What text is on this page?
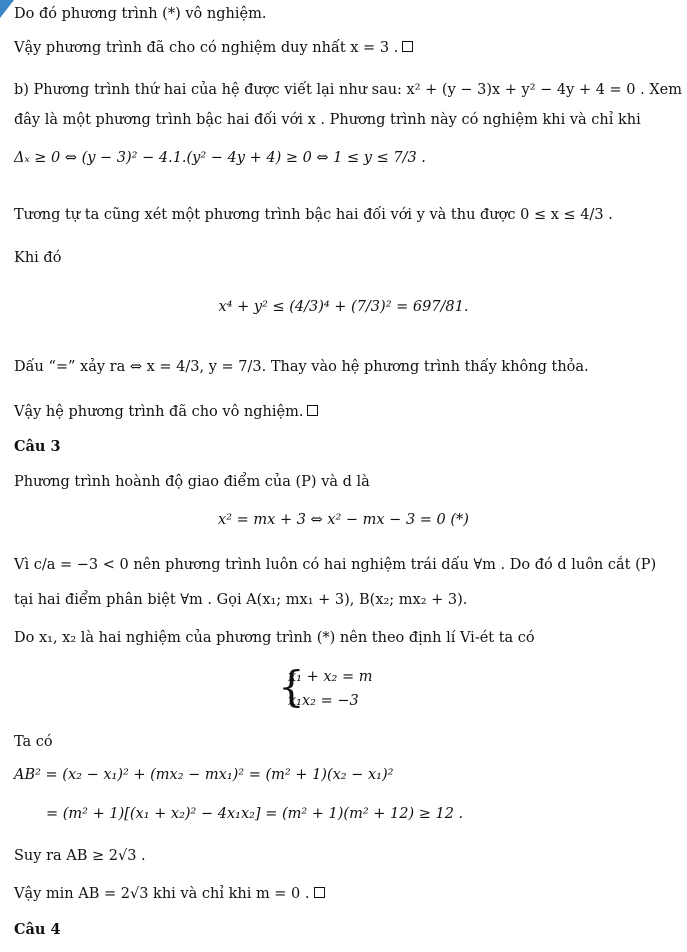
Do đó phương trình (*) vô nghiệm.
Vậy phương trình đã cho có nghiệm duy nhất x = 3 .
b) Phương trình thứ hai của hệ được viết lại như sau: x² + (y − 3)x + y² − 4y + 4 = 0 . Xem
đây là một phương trình bậc hai đối với x . Phương trình này có nghiệm khi và chỉ khi
Δₓ ≥ 0 ⇔ (y − 3)² − 4.1.(y² − 4y + 4) ≥ 0 ⇔ 1 ≤ y ≤ 7/3 .
Tương tự ta cũng xét một phương trình bậc hai đối với y và thu được 0 ≤ x ≤ 4/3 .
Khi đó
x⁴ + y² ≤ (4/3)⁴ + (7/3)² = 697/81.
Dấu “=” xảy ra ⇔ x = 4/3, y = 7/3. Thay vào hệ phương trình thấy không thỏa.
Vậy hệ phương trình đã cho vô nghiệm.
Câu 3
Phương trình hoành độ giao điểm của (P) và d là
x² = mx + 3 ⇔ x² − mx − 3 = 0 (*)
Vì c/a = −3 < 0 nên phương trình luôn có hai nghiệm trái dấu ∀m . Do đó d luôn cắt (P)
tại hai điểm phân biệt ∀m . Gọi A(x₁; mx₁ + 3), B(x₂; mx₂ + 3).
Do x₁, x₂ là hai nghiệm của phương trình (*) nên theo định lí Vi-ét ta có
{
x₁ + x₂ = m
x₁x₂ = −3
Ta có
AB² = (x₂ − x₁)² + (mx₂ − mx₁)² = (m² + 1)(x₂ − x₁)²
= (m² + 1)[(x₁ + x₂)² − 4x₁x₂] = (m² + 1)(m² + 12) ≥ 12 .
Suy ra AB ≥ 2√3 .
Vậy min AB = 2√3 khi và chỉ khi m = 0 .
Câu 4
